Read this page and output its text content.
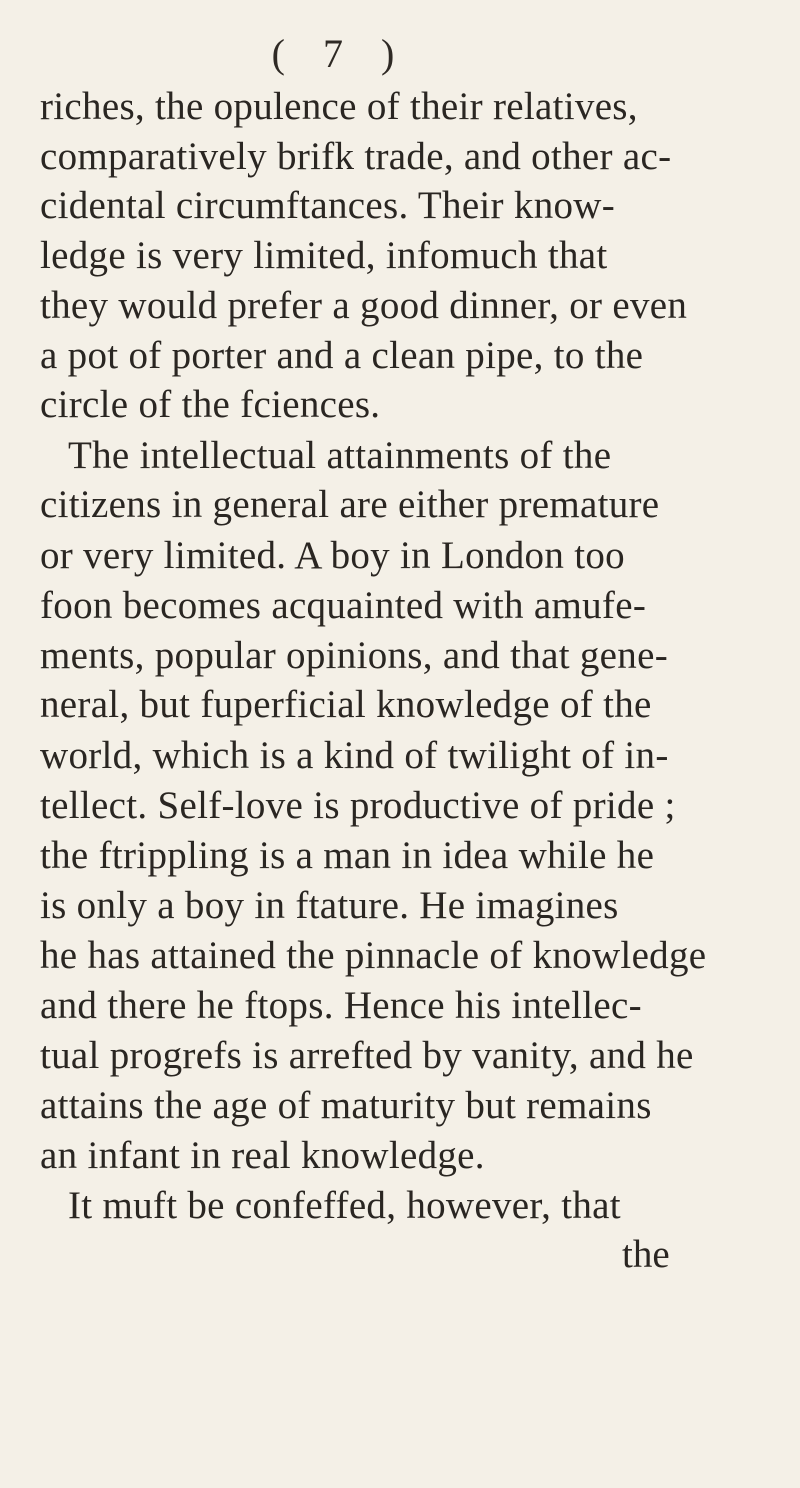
( 7 )
riches, the opulence of their relatives,
comparatively brifk trade, and other ac-
cidental circumftances. Their know-
ledge is very limited, infomuch that
they would prefer a good dinner, or even
a pot of porter and a clean pipe, to the
circle of the fciences.
The intellectual attainments of the
citizens in general are either premature
or very limited. A boy in London too
foon becomes acquainted with amufe-
ments, popular opinions, and that gene-
neral, but fuperficial knowledge of the
world, which is a kind of twilight of in-
tellect. Self-love is productive of pride ;
the ftrippling is a man in idea while he
is only a boy in ftature. He imagines
he has attained the pinnacle of knowledge
and there he ftops. Hence his intellec-
tual progrefs is arrefted by vanity, and he
attains the age of maturity but remains
an infant in real knowledge.
It muft be confeffed, however, that
the
